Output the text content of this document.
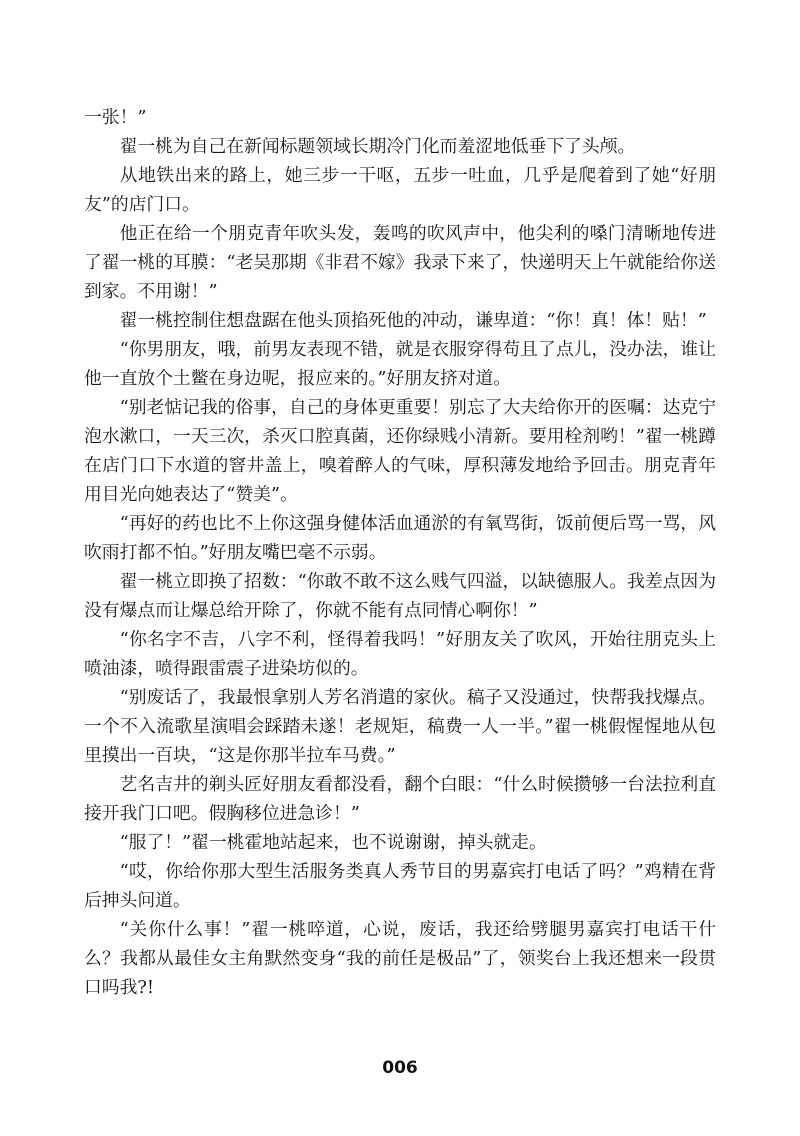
一张！”

翟一桃为自己在新闻标题领域长期冷门化而羞涩地低垂下了头颅。

从地铁出来的路上，她三步一干呕，五步一吐血，几乎是爬着到了她“好朋友”的店门口。

他正在给一个朋克青年吹头发，轰鸣的吹风声中，他尖利的嗓门清晰地传进了翟一桃的耳膜：“老吴那期《非君不嫁》我录下来了，快递明天上午就能给你送到家。不用谢！”

翟一桃控制住想盘踞在他头顶掐死他的冲动，谦卑道：“你！真！体！贴！”

“你男朋友，哦，前男友表现不错，就是衣服穿得苟且了点儿，没办法，谁让他一直放个土鳖在身边呢，报应来的。”好朋友挤对道。

“别老惦记我的俗事，自己的身体更重要！别忘了大夫给你开的医嘱：达克宁泡水漱口，一天三次，杀灭口腔真菌，还你绿贱小清新。要用栓剂哟！”翟一桃蹲在店门口下水道的窨井盖上，嗅着醉人的气味，厚积薄发地给予回击。朋克青年用目光向她表达了“赞美”。

“再好的药也比不上你这强身健体活血通淤的有氧骂街，饭前便后骂一骂，风吹雨打都不怕。”好朋友嘴巴毫不示弱。

翟一桃立即换了招数：“你敢不敢不这么贱气四溢，以缺德服人。我差点因为没有爆点而让爆总给开除了，你就不能有点同情心啊你！”

“你名字不吉，八字不利，怪得着我吗！”好朋友关了吹风，开始往朋克头上喷油漆，喷得跟雷震子进染坊似的。

“别废话了，我最恨拿别人芳名消遣的家伙。稿子又没通过，快帮我找爆点。一个不入流歌星演唱会踩踏未遂！老规矩，稿费一人一半。”翟一桃假惺惺地从包里摸出一百块，“这是你那半拉车马费。”

艺名吉井的剃头匠好朋友看都没看，翻个白眼：“什么时候攒够一台法拉利直接开我门口吧。假胸移位进急诊！”

“服了！”翟一桃霍地站起来，也不说谢谢，掉头就走。

“哎，你给你那大型生活服务类真人秀节目的男嘉宾打电话了吗？”鸡精在背后抻头问道。

“关你什么事！”翟一桃啐道，心说，废话，我还给劈腿男嘉宾打电话干什么？我都从最佳女主角默然变身“我的前任是极品”了，领奖台上我还想来一段贯口吗我?!

006
